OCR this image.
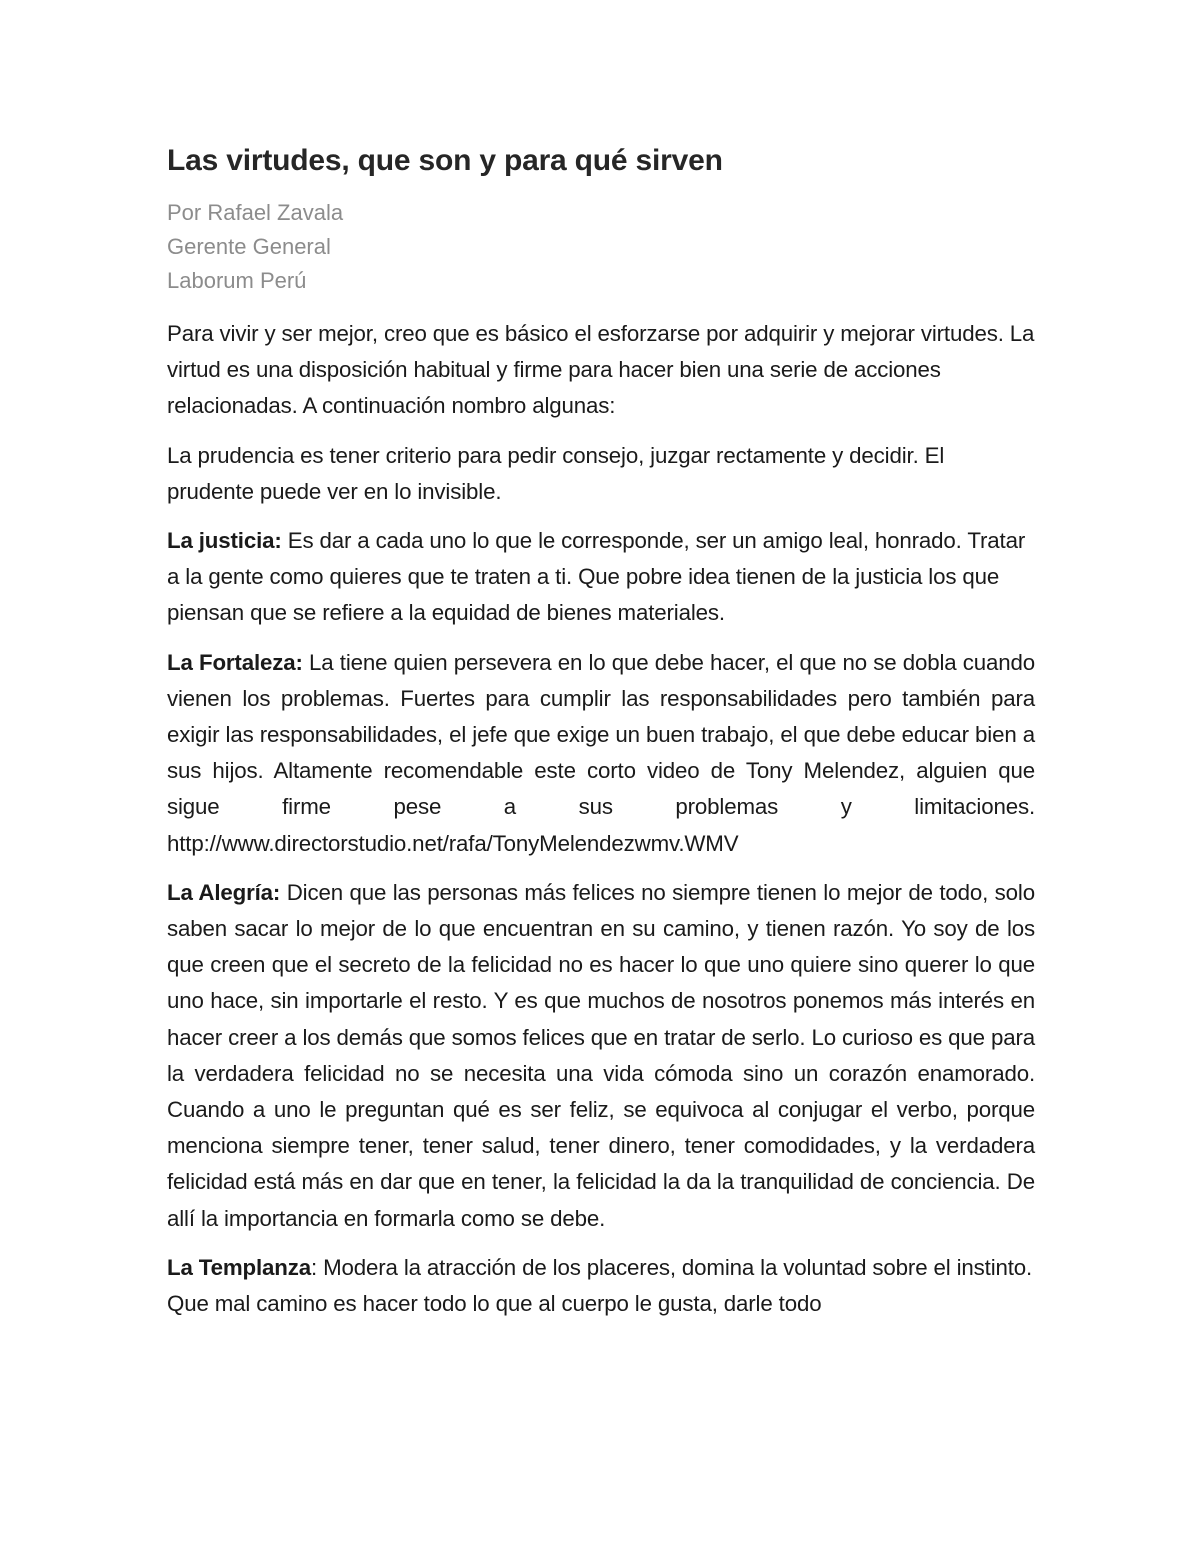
Las virtudes, que son y para qué sirven

Por Rafael Zavala

Gerente General

Laborum Perú

Para vivir y ser mejor, creo que es básico el esforzarse por adquirir y mejorar virtudes. La virtud es una disposición habitual y firme para hacer bien una serie de acciones relacionadas. A continuación nombro algunas:

La prudencia es tener criterio para pedir consejo, juzgar rectamente y decidir. El prudente puede ver en lo invisible.

La justicia: Es dar a cada uno lo que le corresponde, ser un amigo leal, honrado. Tratar a la gente como quieres que te traten a ti. Que pobre idea tienen de la justicia los que piensan que se refiere a la equidad de bienes materiales.

La Fortaleza: La tiene quien persevera en lo que debe hacer, el que no se dobla cuando vienen los problemas. Fuertes para cumplir las responsabilidades pero también para exigir las responsabilidades, el jefe que exige un buen trabajo, el que debe educar bien a sus hijos. Altamente recomendable este corto video de Tony Melendez, alguien que sigue firme pese a sus problemas y limitaciones. http://www.directorstudio.net/rafa/TonyMelendezwmv.WMV

La Alegría: Dicen que las personas más felices no siempre tienen lo mejor de todo, solo saben sacar lo mejor de lo que encuentran en su camino, y tienen razón. Yo soy de los que creen que el secreto de la felicidad no es hacer lo que uno quiere sino querer lo que uno hace, sin importarle el resto. Y es que muchos de nosotros ponemos más interés en hacer creer a los demás que somos felices que en tratar de serlo. Lo curioso es que para la verdadera felicidad no se necesita una vida cómoda sino un corazón enamorado. Cuando a uno le preguntan qué es ser feliz, se equivoca al conjugar el verbo, porque menciona siempre tener, tener salud, tener dinero, tener comodidades, y la verdadera felicidad está más en dar que en tener, la felicidad la da la tranquilidad de conciencia. De allí la importancia en formarla como se debe.

La Templanza: Modera la atracción de los placeres, domina la voluntad sobre el instinto. Que mal camino es hacer todo lo que al cuerpo le gusta, darle todo
